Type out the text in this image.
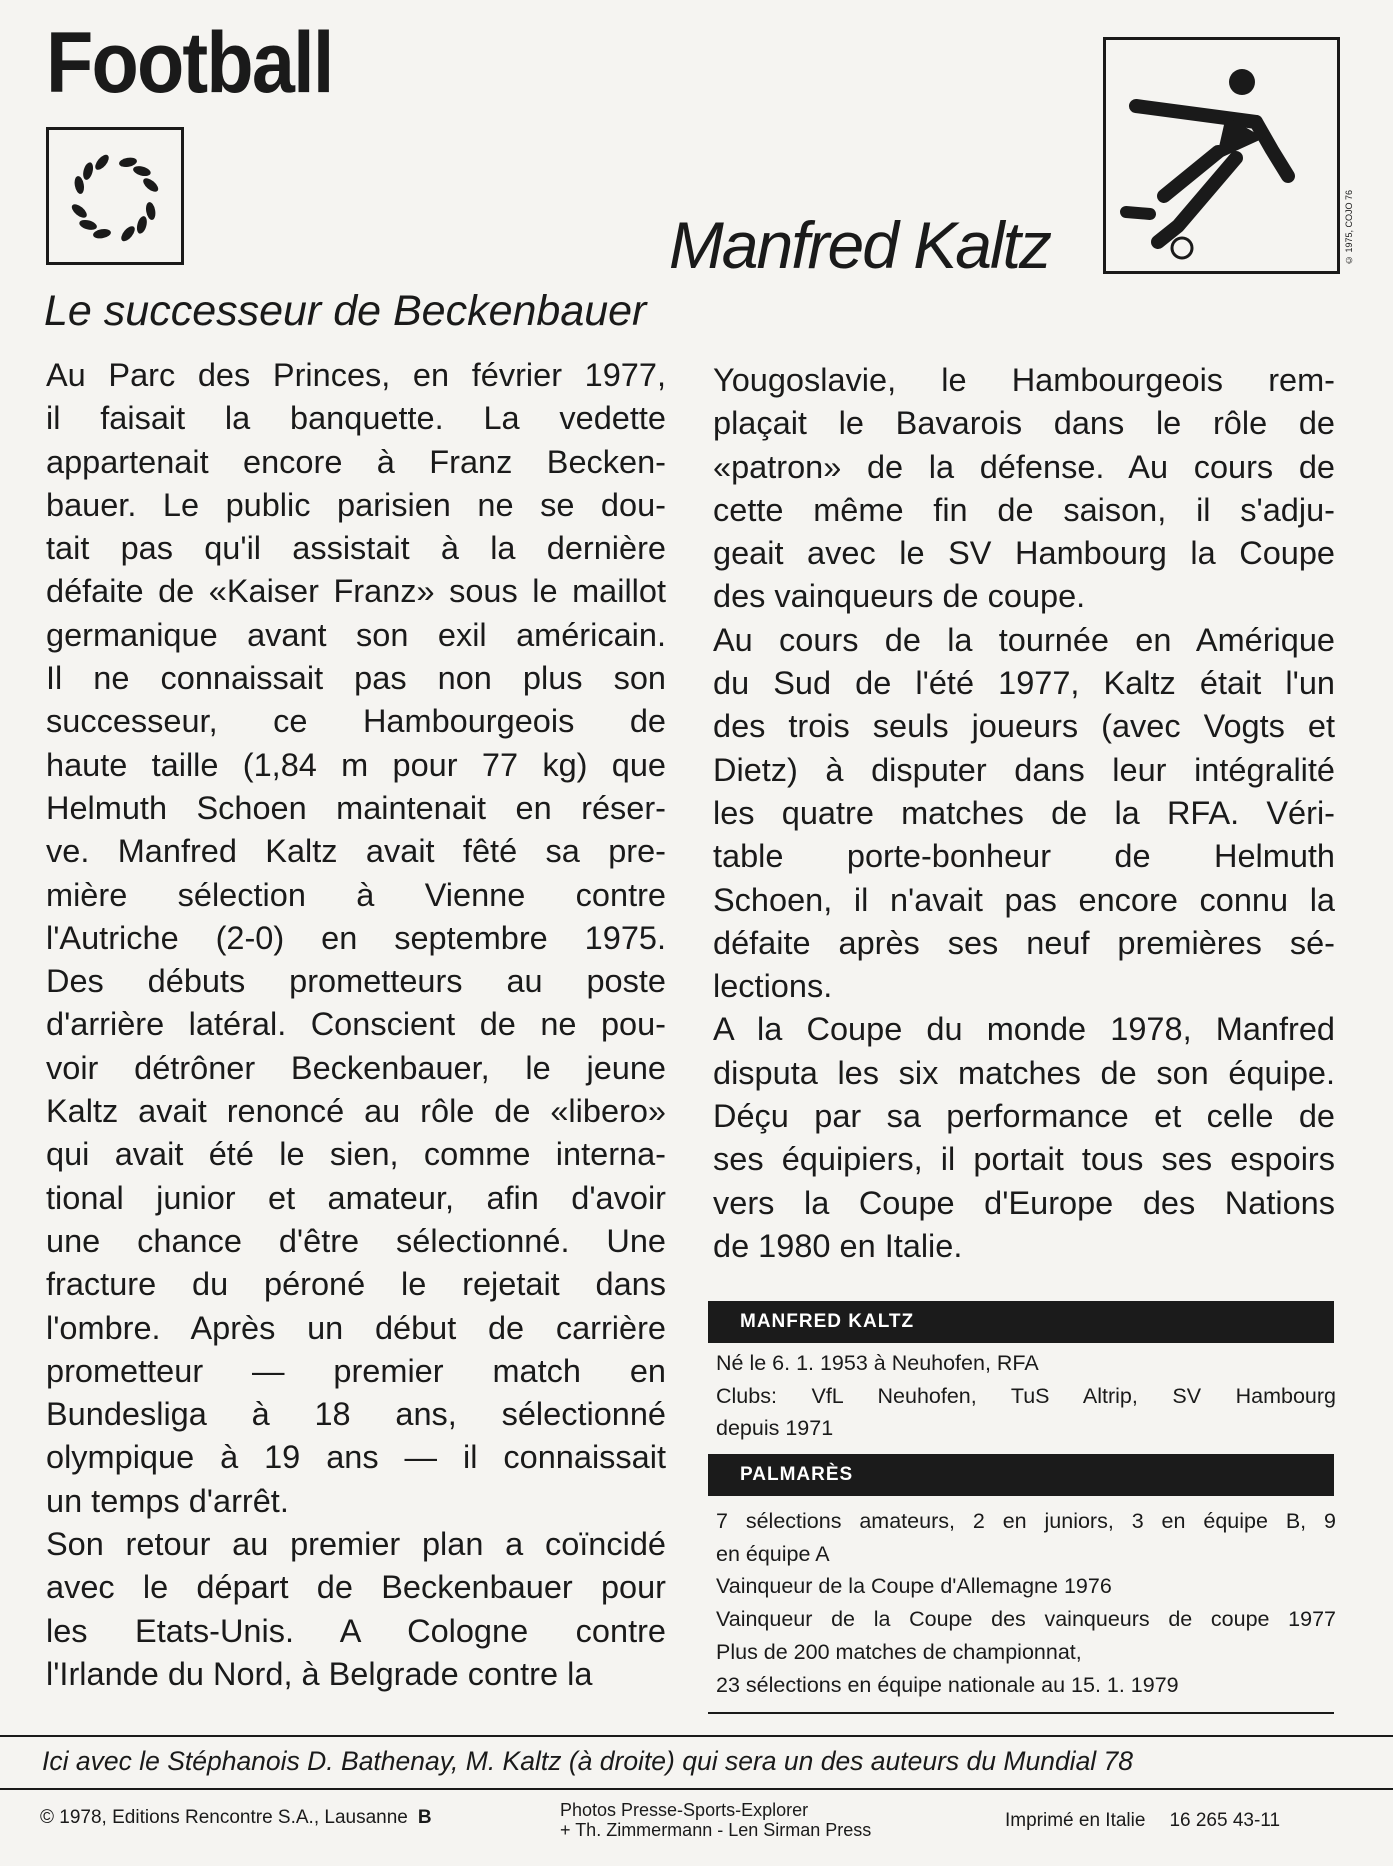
Football
Manfred Kaltz	© 1975, COJO 76
Le successeur de Beckenbauer

Au Parc des Princes, en février 1977,

il faisait la banquette. La vedette

appartenait encore à Franz Becken-

bauer. Le public parisien ne se dou-

tait pas qu'il assistait à la dernière

défaite de «Kaiser Franz» sous le maillot

germanique avant son exil américain.

Il ne connaissait pas non plus son

successeur, ce Hambourgeois de

haute taille (1,84 m pour 77 kg) que

Helmuth Schoen maintenait en réser-

ve. Manfred Kaltz avait fêté sa pre-

mière sélection à Vienne contre

l'Autriche (2-0) en septembre 1975.

Des débuts prometteurs au poste

d'arrière latéral. Conscient de ne pou-

voir détrôner Beckenbauer, le jeune

Kaltz avait renoncé au rôle de «libero»

qui avait été le sien, comme interna-

tional junior et amateur, afin d'avoir

une chance d'être sélectionné. Une

fracture du péroné le rejetait dans

l'ombre. Après un début de carrière

prometteur — premier match en

Bundesliga à 18 ans, sélectionné

olympique à 19 ans — il connaissait

un temps d'arrêt.

Son retour au premier plan a coïncidé

avec le départ de Beckenbauer pour

les Etats-Unis. A Cologne contre

l'Irlande du Nord, à Belgrade contre la

Yougoslavie, le Hambourgeois rem-

plaçait le Bavarois dans le rôle de

«patron» de la défense. Au cours de

cette même fin de saison, il s'adju-

geait avec le SV Hambourg la Coupe

des vainqueurs de coupe.

Au cours de la tournée en Amérique

du Sud de l'été 1977, Kaltz était l'un

des trois seuls joueurs (avec Vogts et

Dietz) à disputer dans leur intégralité

les quatre matches de la RFA. Véri-

table porte-bonheur de Helmuth

Schoen, il n'avait pas encore connu la

défaite après ses neuf premières sé-

lections.

A la Coupe du monde 1978, Manfred

disputa les six matches de son équipe.

Déçu par sa performance et celle de

ses équipiers, il portait tous ses espoirs

vers la Coupe d'Europe des Nations

de 1980 en Italie.

MANFRED KALTZ
Né le 6. 1. 1953 à Neuhofen, RFA
Clubs: VfL Neuhofen, TuS Altrip, SV Hambourg
depuis 1971
PALMARÈS
7 sélections amateurs, 2 en juniors, 3 en équipe B, 9
en équipe A
Vainqueur de la Coupe d'Allemagne 1976
Vainqueur de la Coupe des vainqueurs de coupe 1977
Plus de 200 matches de championnat,
23 sélections en équipe nationale au 15. 1. 1979
Ici avec le Stéphanois D. Bathenay, M. Kaltz (à droite) qui sera un des auteurs du Mundial 78
© 1978, Editions Rencontre S.A., Lausanne B	Photos Presse-Sports-Explorer
+ Th. Zimmermann - Len Sirman Press	Imprimé en Italie 16 265 43-11
